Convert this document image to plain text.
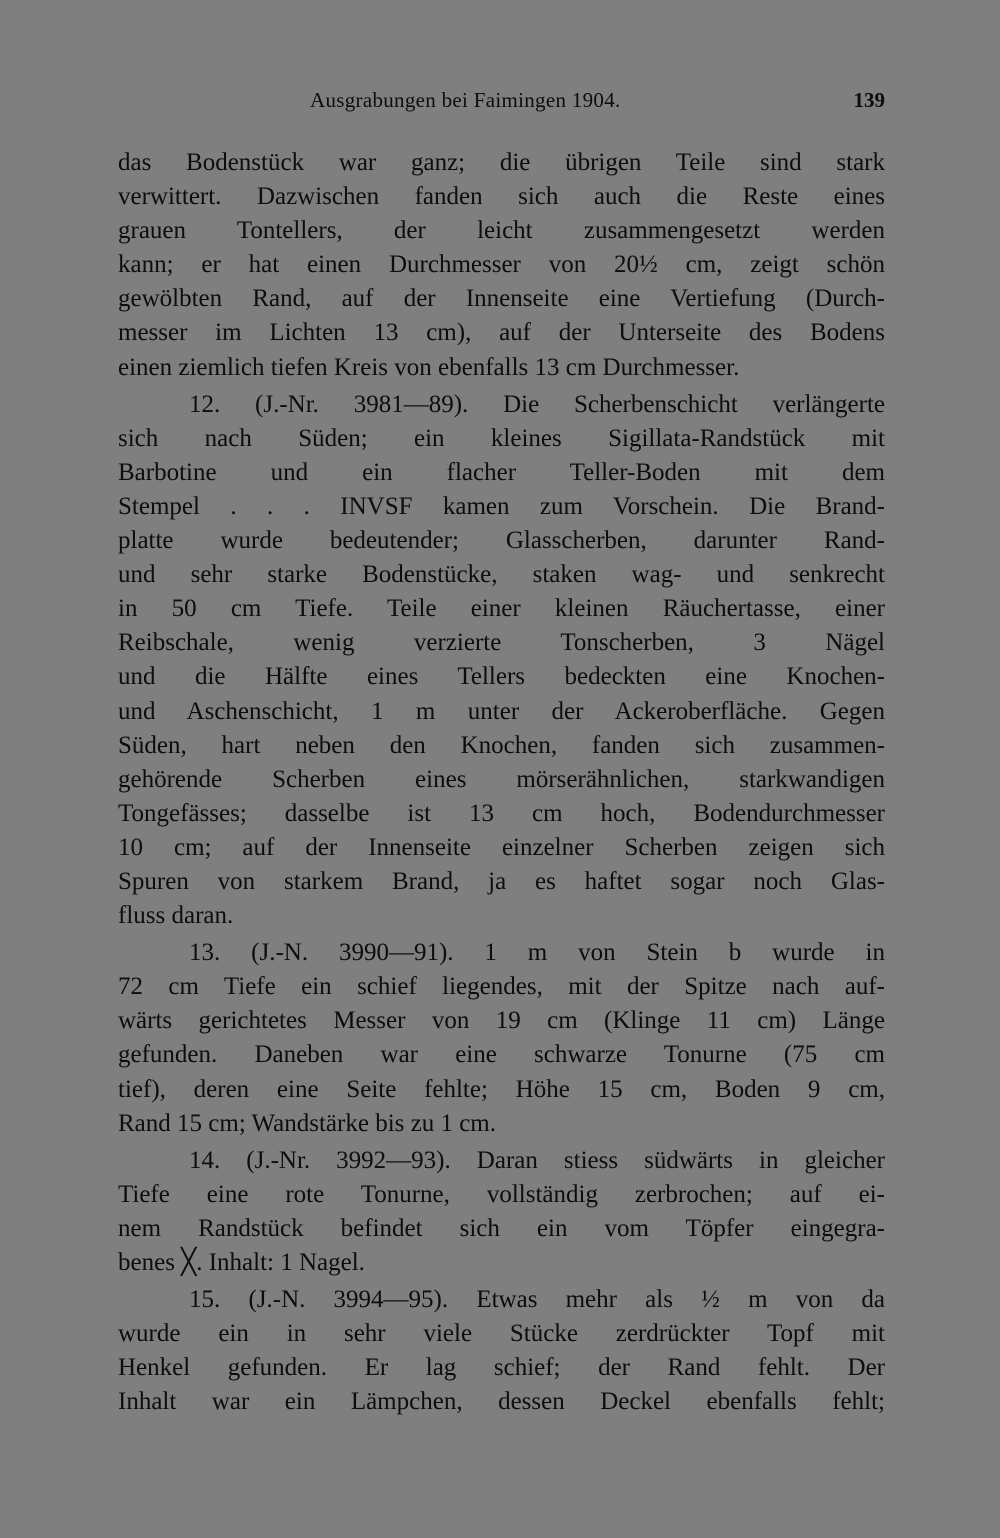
Ausgrabungen bei Faimingen 1904.	139
das Bodenstück war ganz; die übrigen Teile sind stark
verwittert. Dazwischen fanden sich auch die Reste eines
grauen Tontellers, der leicht zusammengesetzt werden
kann; er hat einen Durchmesser von 20½ cm, zeigt schön
gewölbten Rand, auf der Innenseite eine Vertiefung (Durch-
messer im Lichten 13 cm), auf der Unterseite des Bodens
einen ziemlich tiefen Kreis von ebenfalls 13 cm Durchmesser.
12. (J.-Nr. 3981—89). Die Scherbenschicht verlängerte
sich nach Süden; ein kleines Sigillata-Randstück mit
Barbotine und ein flacher Teller-Boden mit dem
Stempel . . . INVSF kamen zum Vorschein. Die Brand-
platte wurde bedeutender; Glasscherben, darunter Rand-
und sehr starke Bodenstücke, staken wag- und senkrecht
in 50 cm Tiefe. Teile einer kleinen Räuchertasse, einer
Reibschale, wenig verzierte Tonscherben, 3 Nägel
und die Hälfte eines Tellers bedeckten eine Knochen-
und Aschenschicht, 1 m unter der Ackeroberfläche. Gegen
Süden, hart neben den Knochen, fanden sich zusammen-
gehörende Scherben eines mörserähnlichen, starkwandigen
Tongefässes; dasselbe ist 13 cm hoch, Bodendurchmesser
10 cm; auf der Innenseite einzelner Scherben zeigen sich
Spuren von starkem Brand, ja es haftet sogar noch Glas-
fluss daran.
13. (J.-N. 3990—91). 1 m von Stein b wurde in
72 cm Tiefe ein schief liegendes, mit der Spitze nach auf-
wärts gerichtetes Messer von 19 cm (Klinge 11 cm) Länge
gefunden. Daneben war eine schwarze Tonurne (75 cm
tief), deren eine Seite fehlte; Höhe 15 cm, Boden 9 cm,
Rand 15 cm; Wandstärke bis zu 1 cm.
14. (J.-Nr. 3992—93). Daran stiess südwärts in gleicher
Tiefe eine rote Tonurne, vollständig zerbrochen; auf ei-
nem Randstück befindet sich ein vom Töpfer eingegra-
benes ╳. Inhalt: 1 Nagel.
15. (J.-N. 3994—95). Etwas mehr als ½ m von da
wurde ein in sehr viele Stücke zerdrückter Topf mit
Henkel gefunden. Er lag schief; der Rand fehlt. Der
Inhalt war ein Lämpchen, dessen Deckel ebenfalls fehlt;
